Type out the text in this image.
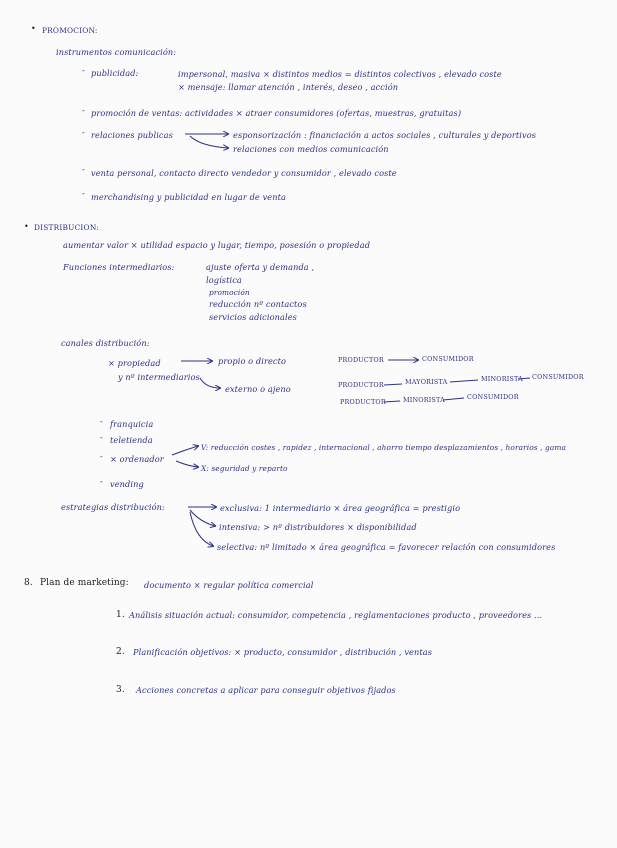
• PROMOCION:
instrumentos comunicación:
- publicidad:	impersonal, masiva × distintos medios = distintos colectivos , elevado coste
× mensaje: llamar atención , interés, deseo , acción
- promoción de ventas: actividades × atraer consumidores (ofertas, muestras, gratuitas)
- relaciones publicas	esponsorización : financiación a actos sociales , culturales y deportivos
relaciones con medios comunicación
- venta personal, contacto directo vendedor y consumidor , elevado coste
- merchandising y publicidad en lugar de venta
• DISTRIBUCION:
aumentar valor × utilidad espacio y lugar, tiempo, posesión o propiedad
Funciones intermediarios:	ajuste oferta y demanda ,
logística
promoción
reducción nº contactos
servicios adicionales
canales distribución:
× propiedad
y nº intermediarios
propio o directo
externo o ajeno
PRODUCTOR	CONSUMIDOR
PRODUCTOR	MAYORISTA	MINORISTA CONSUMIDOR
PRODUCTOR	MINORISTA	CONSUMIDOR
- franquicia
- teletienda
- × ordenador
- vending
V: reducción costes , rapidez , internacional , ahorro tiempo desplazamientos , horarios , gama
X: seguridad y reparto
estrategias distribución:	exclusiva: 1 intermediario × área geográfica = prestigio
intensiva: > nº distribuidores × disponibilidad
selectiva: nº limitado × área geográfica = favorecer relación con consumidores
8. Plan de marketing: documento × regular política comercial
1. Análisis situación actual: consumidor, competencia , reglamentaciones producto , proveedores ...
2. Planificación objetivos: × producto, consumidor , distribución , ventas
3. Acciones concretas a aplicar para conseguir objetivos fijados
